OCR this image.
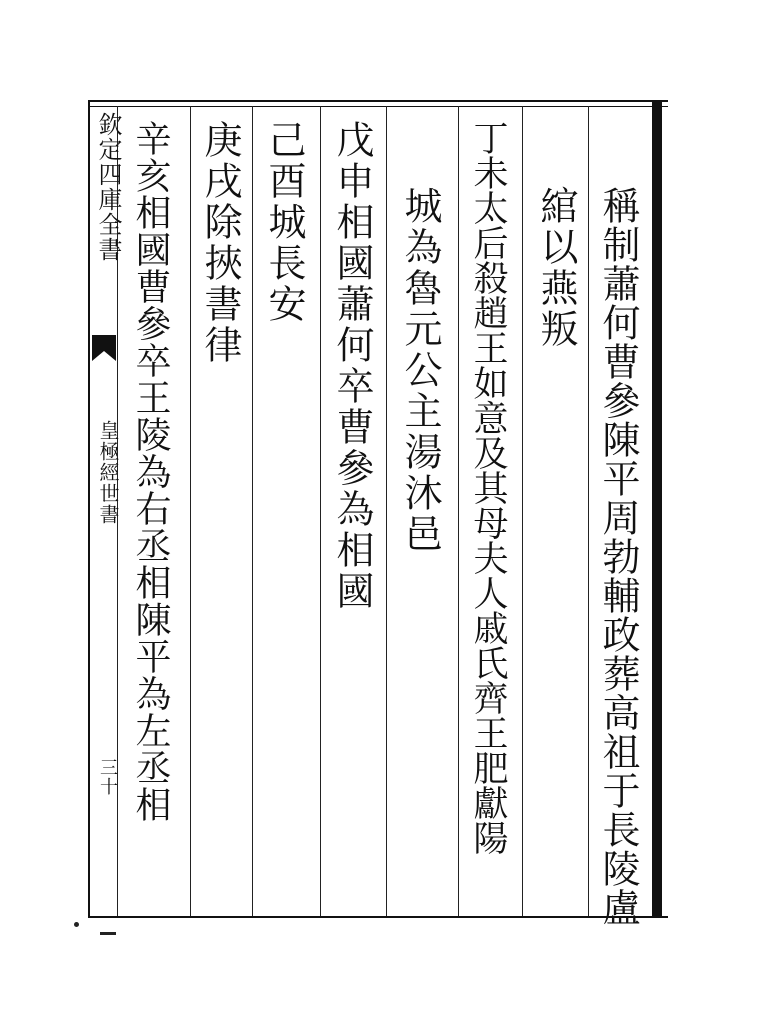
欽定四庫全書
皇極經世書
三十	稱制蕭何曹參陳平周勃輔政葬高祖于長陵盧
綰以燕叛
丁未太后殺趙王如意及其母夫人戚氏齊王肥獻陽
城為魯元公主湯沐邑
戊申相國蕭何卒曹參為相國
己酉城長安
庚戌除挾書律
辛亥相國曹參卒王陵為右丞相陳平為左丞相
